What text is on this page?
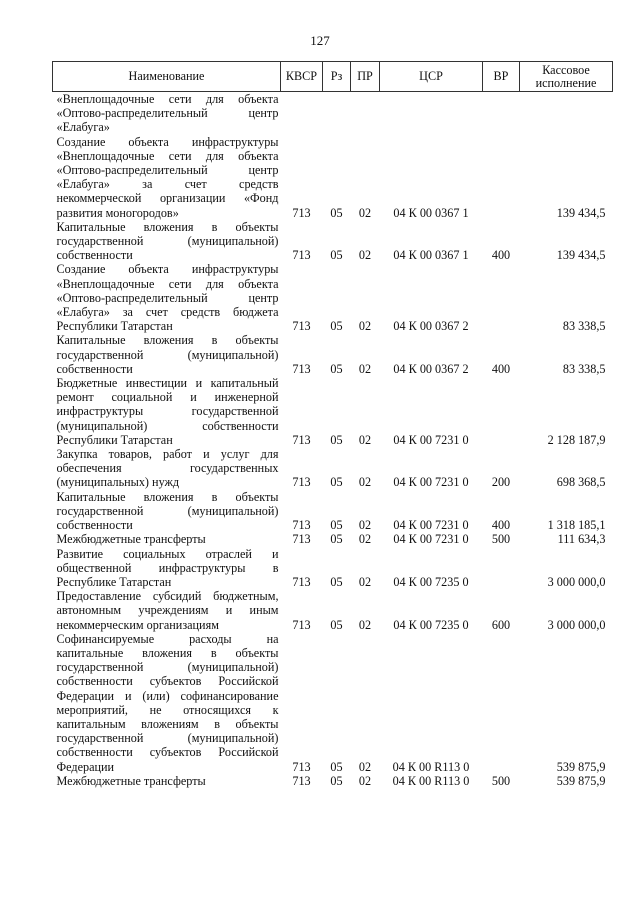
127
Наименование	КВСР	Рз	ПР	ЦСР	ВР	Кассовое исполнение
«Внеплощадочные сети для объекта «Оптово-распределительный центр «Елабуга»						
Создание объекта инфраструктуры «Внеплощадочные сети для объекта «Оптово-распределительный центр «Елабуга» за счет средств некоммерческой организации «Фонд развития моногородов»	713	05	02	04 К 00 0367 1		139 434,5
Капитальные вложения в объекты государственной (муниципальной) собственности	713	05	02	04 К 00 0367 1	400	139 434,5
Создание объекта инфраструктуры «Внеплощадочные сети для объекта «Оптово-распределительный центр «Елабуга» за счет средств бюджета Республики Татарстан	713	05	02	04 К 00 0367 2		83 338,5
Капитальные вложения в объекты государственной (муниципальной) собственности	713	05	02	04 К 00 0367 2	400	83 338,5
Бюджетные инвестиции и капитальный ремонт социальной и инженерной инфраструктуры государственной (муниципальной) собственности Республики Татарстан	713	05	02	04 К 00 7231 0		2 128 187,9
Закупка товаров, работ и услуг для обеспечения государственных (муниципальных) нужд	713	05	02	04 К 00 7231 0	200	698 368,5
Капитальные вложения в объекты государственной (муниципальной) собственности	713	05	02	04 К 00 7231 0	400	1 318 185,1
Межбюджетные трансферты	713	05	02	04 К 00 7231 0	500	111 634,3
Развитие социальных отраслей и общественной инфраструктуры в Республике Татарстан	713	05	02	04 К 00 7235 0		3 000 000,0
Предоставление субсидий бюджетным, автономным учреждениям и иным некоммерческим организациям	713	05	02	04 К 00 7235 0	600	3 000 000,0
Софинансируемые расходы на капитальные вложения в объекты государственной (муниципальной) собственности субъектов Российской Федерации и (или) софинансирование мероприятий, не относящихся к капитальным вложениям в объекты государственной (муниципальной) собственности субъектов Российской Федерации	713	05	02	04 К 00 R113 0		539 875,9
Межбюджетные трансферты	713	05	02	04 К 00 R113 0	500	539 875,9
